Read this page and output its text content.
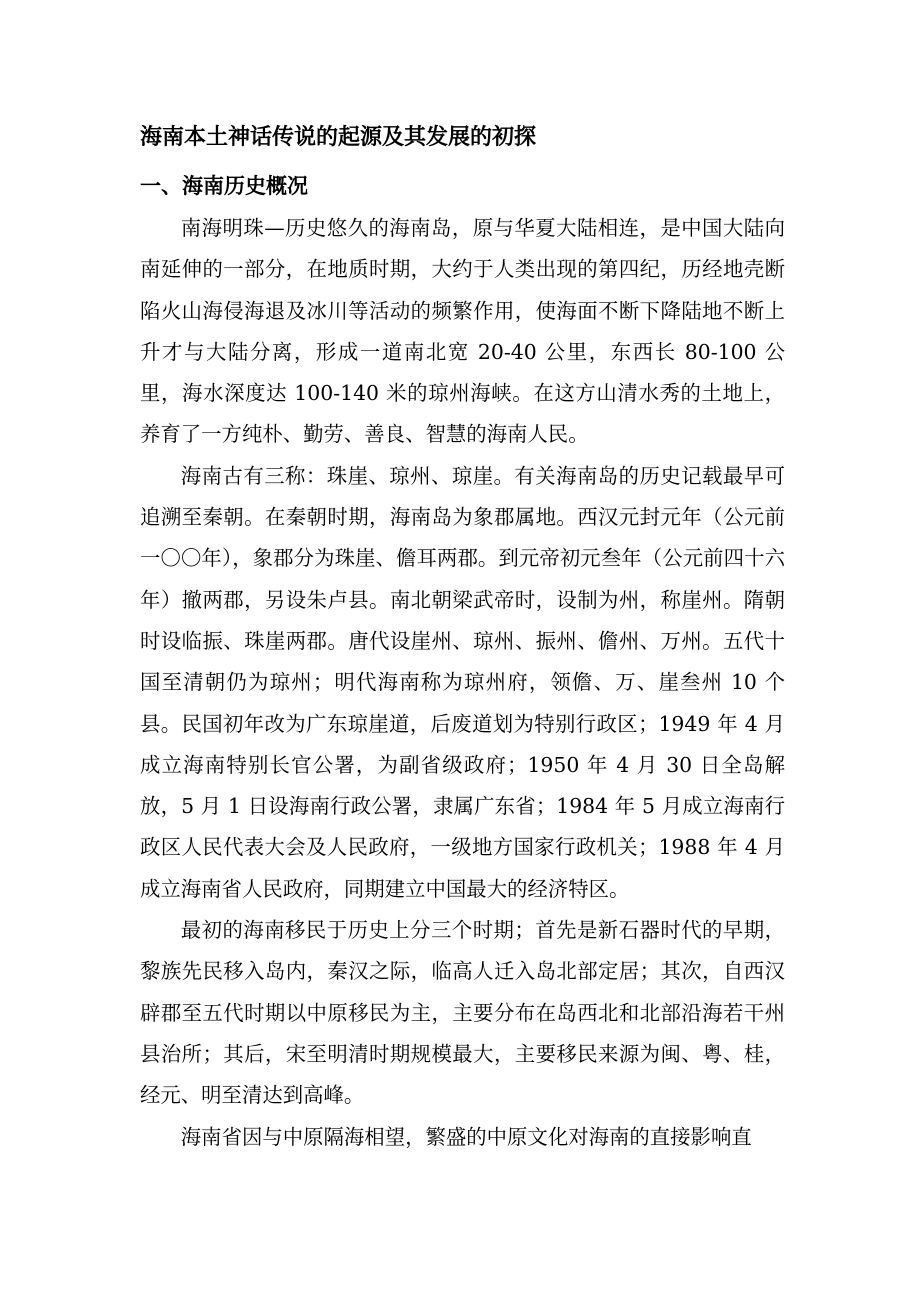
海南本土神话传说的起源及其发展的初探
一、海南历史概况

南海明珠—历史悠久的海南岛，原与华夏大陆相连，是中国大陆向南延伸的一部分，在地质时期，大约于人类出现的第四纪，历经地壳断陷火山海侵海退及冰川等活动的频繁作用，使海面不断下降陆地不断上升才与大陆分离，形成一道南北宽 20-40 公里，东西长 80-100 公里，海水深度达 100-140 米的琼州海峡。在这方山清水秀的土地上，养育了一方纯朴、勤劳、善良、智慧的海南人民。

海南古有三称：珠崖、琼州、琼崖。有关海南岛的历史记载最早可追溯至秦朝。在秦朝时期，海南岛为象郡属地。西汉元封元年（公元前一〇〇年），象郡分为珠崖、儋耳两郡。到元帝初元叁年（公元前四十六年）撤两郡，另设朱卢县。南北朝梁武帝时，设制为州，称崖州。隋朝时设临振、珠崖两郡。唐代设崖州、琼州、振州、儋州、万州。五代十国至清朝仍为琼州；明代海南称为琼州府，领儋、万、崖叁州 10 个县。民国初年改为广东琼崖道，后废道划为特别行政区；1949 年 4 月成立海南特别长官公署，为副省级政府；1950 年 4 月 30 日全岛解放，5 月 1 日设海南行政公署，隶属广东省；1984 年 5 月成立海南行政区人民代表大会及人民政府，一级地方国家行政机关；1988 年 4 月成立海南省人民政府，同期建立中国最大的经济特区。

最初的海南移民于历史上分三个时期；首先是新石器时代的早期，黎族先民移入岛内，秦汉之际，临高人迁入岛北部定居；其次，自西汉辟郡至五代时期以中原移民为主，主要分布在岛西北和北部沿海若干州县治所；其后，宋至明清时期规模最大，主要移民来源为闽、粤、桂，经元、明至清达到高峰。

海南省因与中原隔海相望，繁盛的中原文化对海南的直接影响直
